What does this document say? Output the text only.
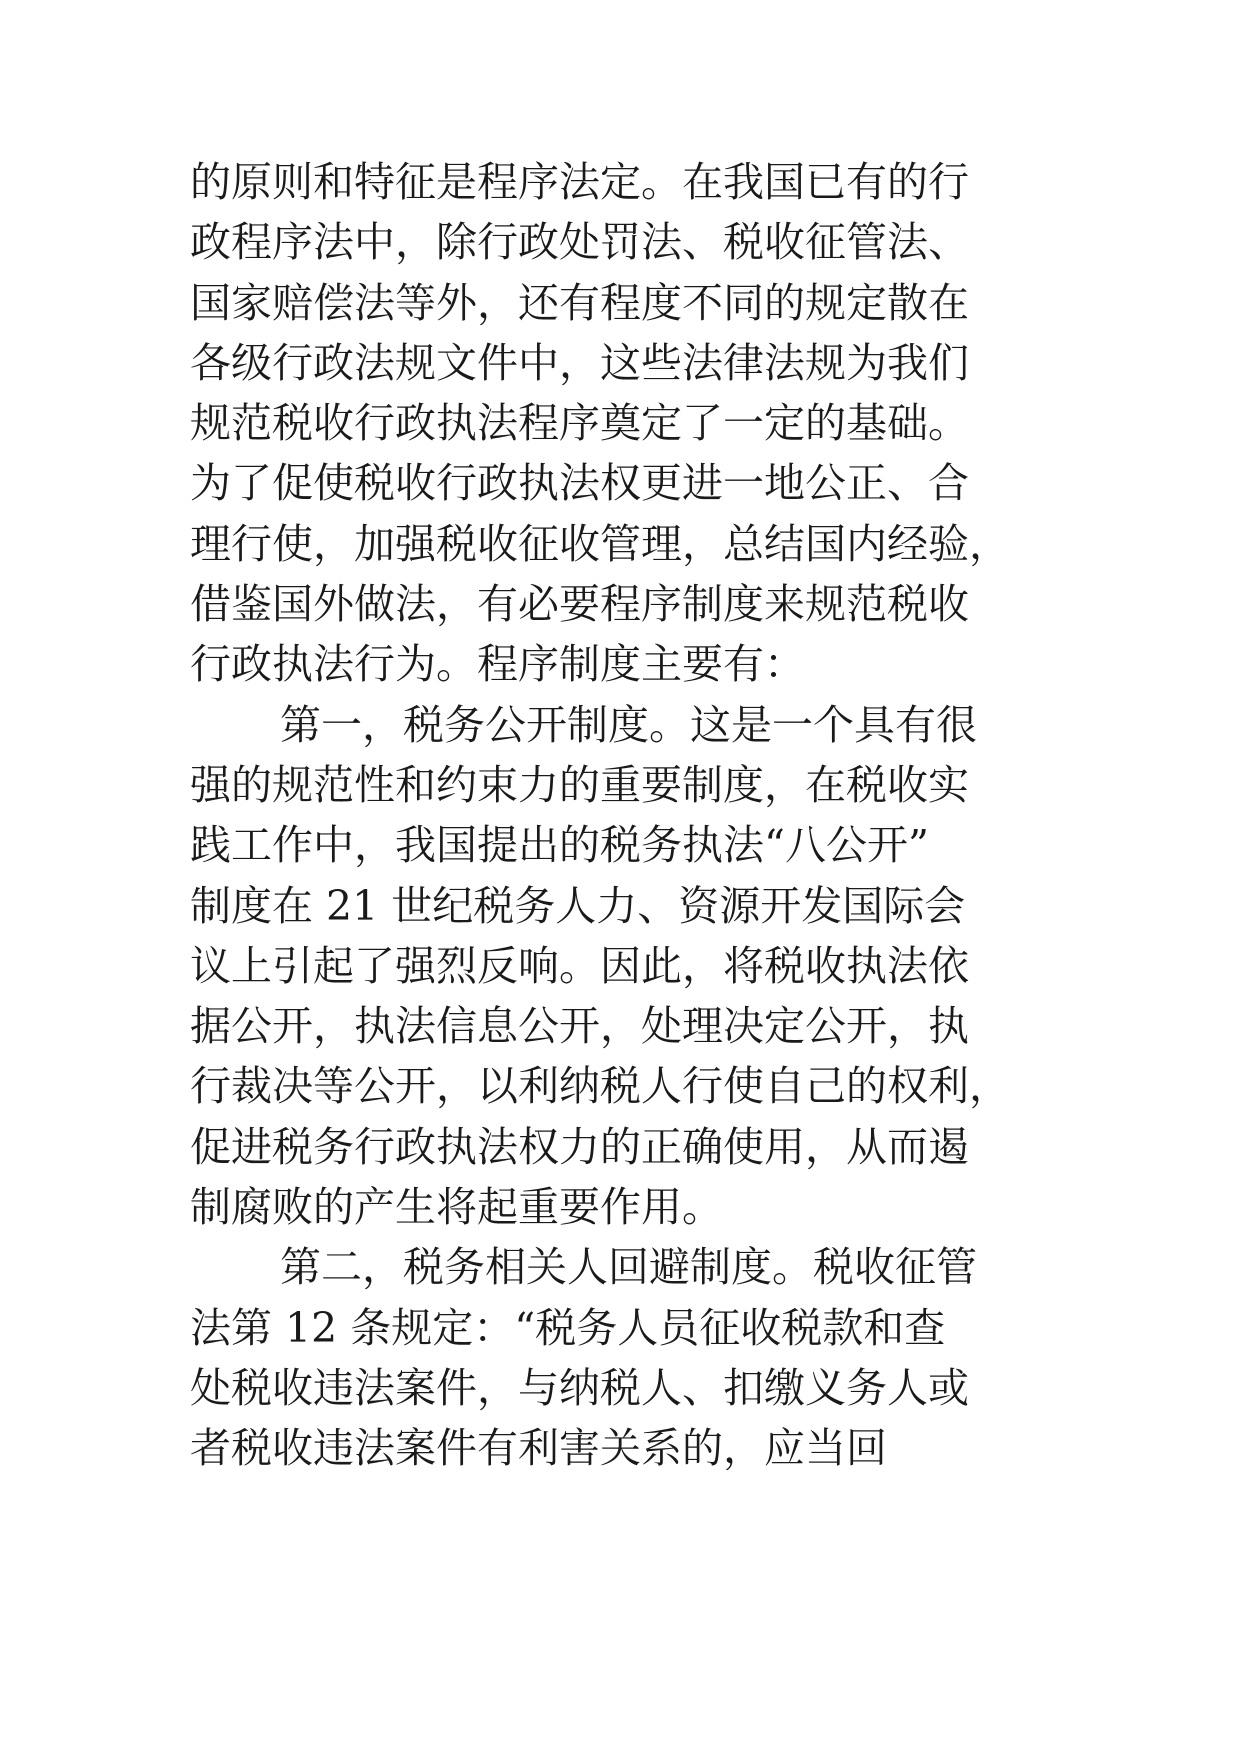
的原则和特征是程序法定。在我国已有的行
政程序法中，除行政处罚法、税收征管法、
国家赔偿法等外，还有程度不同的规定散在
各级行政法规文件中，这些法律法规为我们
规范税收行政执法程序奠定了一定的基础。
为了促使税收行政执法权更进一地公正、合
理行使，加强税收征收管理，总结国内经验，
借鉴国外做法，有必要程序制度来规范税收
行政执法行为。程序制度主要有：
第一，税务公开制度。这是一个具有很
强的规范性和约束力的重要制度，在税收实
践工作中，我国提出的税务执法“八公开”
制度在 21 世纪税务人力、资源开发国际会
议上引起了强烈反响。因此，将税收执法依
据公开，执法信息公开，处理决定公开，执
行裁决等公开，以利纳税人行使自己的权利，
促进税务行政执法权力的正确使用，从而遏
制腐败的产生将起重要作用。
第二，税务相关人回避制度。税收征管
法第 12 条规定：“税务人员征收税款和查
处税收违法案件，与纳税人、扣缴义务人或
者税收违法案件有利害关系的，应当回
